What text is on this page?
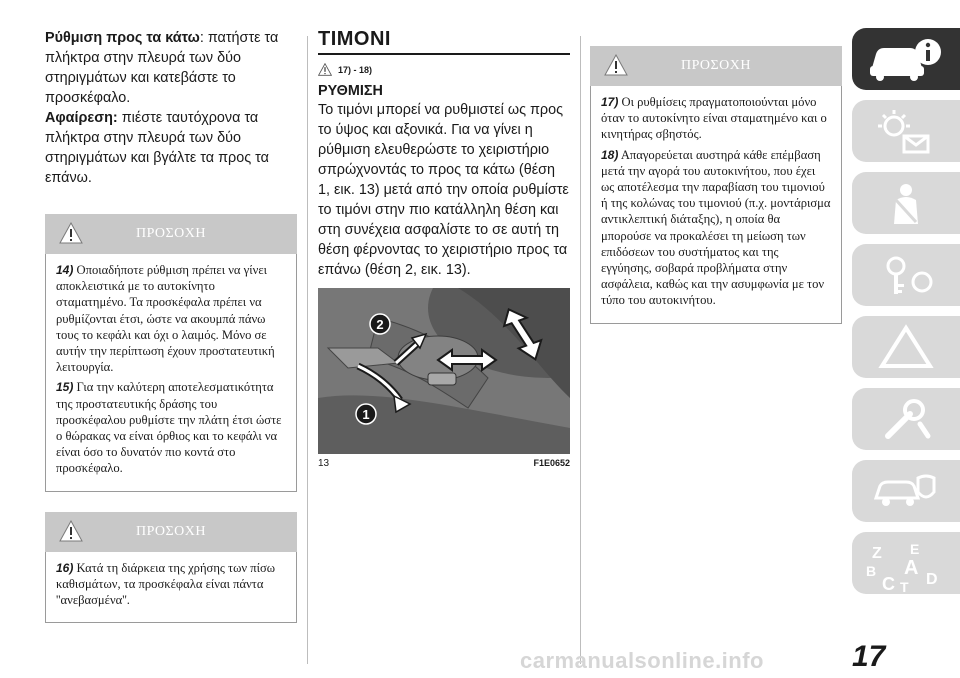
Ρύθμιση προς τα κάτω: πατήστε τα πλήκτρα στην πλευρά των δύο στηριγμάτων και κατεβάστε το προσκέφαλο.

Αφαίρεση: πιέστε ταυτόχρονα τα πλήκτρα στην πλευρά των δύο στηριγμάτων και βγάλτε τα προς τα επάνω.

ΠΡΟΣΟΧΗ

14) Οποιαδήποτε ρύθμιση πρέπει να γίνει αποκλειστικά με το αυτοκίνητο σταματημένο. Τα προσκέφαλα πρέπει να ρυθμίζονται έτσι, ώστε να ακουμπά πάνω τους το κεφάλι και όχι ο λαιμός. Μόνο σε αυτήν την περίπτωση έχουν προστατευτική λειτουργία.

15) Για την καλύτερη αποτελεσματικότητα της προστατευτικής δράσης του προσκέφαλου ρυθμίστε την πλάτη έτσι ώστε ο θώρακας να είναι όρθιος και το κεφάλι να είναι όσο το δυνατόν πιο κοντά στο προσκέφαλο.

ΠΡΟΣΟΧΗ

16) Κατά τη διάρκεια της χρήσης των πίσω καθισμάτων, τα προσκέφαλα είναι πάντα ''ανεβασμένα''.

ΤΙΜΟΝΙ
17) - 18)
ΡΥΘΜΙΣΗ

Το τιμόνι μπορεί να ρυθμιστεί ως προς το ύψος και αξονικά. Για να γίνει η ρύθμιση ελευθερώστε το χειριστήριο σπρώχνοντάς το προς τα κάτω (θέση 1, εικ. 13) μετά από την οποία ρυθμίστε το τιμόνι στην πιο κατάλληλη θέση και στη συνέχεια ασφαλίστε το σε αυτή τη θέση φέρνοντας το χειριστήριο προς τα επάνω (θέση 2, εικ. 13).

2
1
13	F1E0652
ΠΡΟΣΟΧΗ

17) Οι ρυθμίσεις πραγματοποιούνται μόνο όταν το αυτοκίνητο είναι σταματημένο και ο κινητήρας σβηστός.

18) Απαγορεύεται αυστηρά κάθε επέμβαση μετά την αγορά του αυτοκινήτου, που έχει ως αποτέλεσμα την παραβίαση του τιμονιού ή της κολώνας του τιμονιού (π.χ. μοντάρισμα αντικλεπτική διάταξης), η οποία θα μπορούσε να προκαλέσει τη μείωση των επιδόσεων του συστήματος και της εγγύησης, σοβαρά προβλήματα στην ασφάλεια, καθώς και την ασυμφωνία με τον τύπο του αυτοκινήτου.

Z E
B A
C T D
17
carmanualsonline.info
